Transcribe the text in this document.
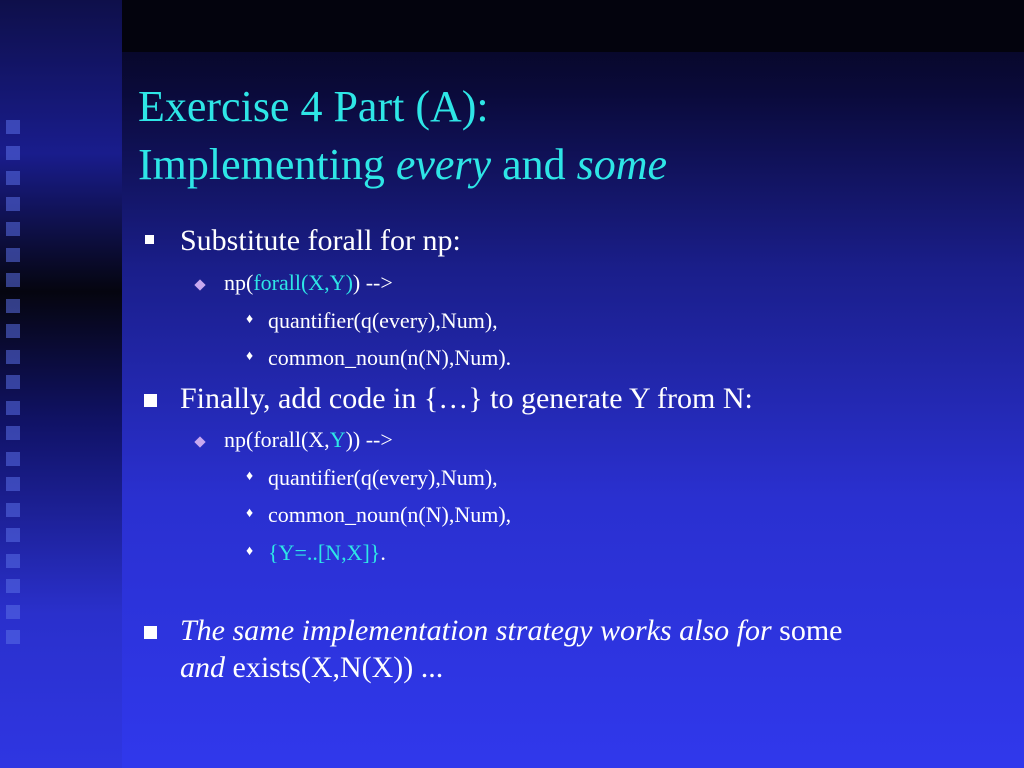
Exercise 4 Part (A):
Implementing every and some
Substitute forall for np:
np(forall(X,Y)) -->
♦ quantifier(q(every),Num),
♦ common_noun(n(N),Num).
Finally, add code in {…} to generate Y from N:
np(forall(X,Y)) -->
♦ quantifier(q(every),Num),
♦ common_noun(n(N),Num),
♦ {Y=..[N,X]}.
The same implementation strategy works also for some
and exists(X,N(X)) ...
